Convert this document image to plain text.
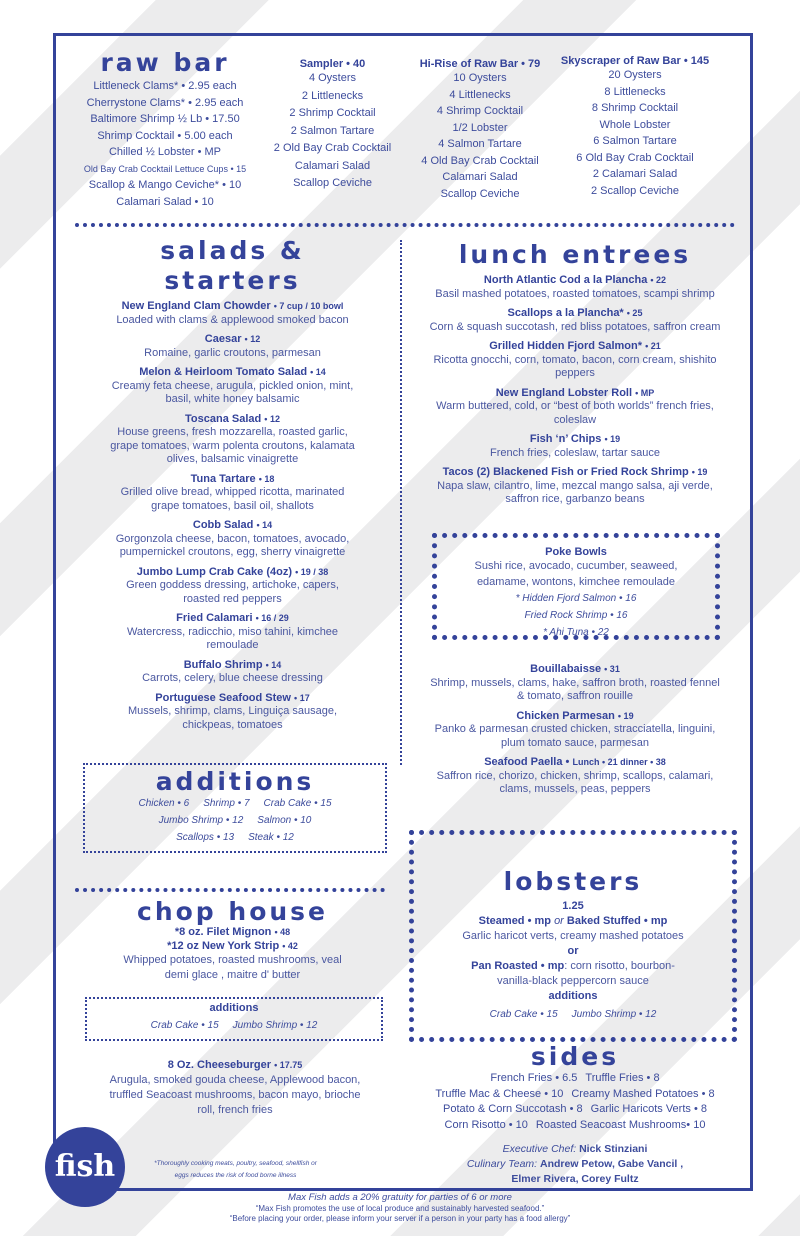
raw bar
Littleneck Clams* • 2.95 each
Cherrystone Clams* • 2.95 each
Baltimore Shrimp ½ Lb • 17.50
Shrimp Cocktail • 5.00 each
Chilled ½ Lobster • MP
Old Bay Crab Cocktail Lettuce Cups • 15
Scallop & Mango Ceviche* • 10
Calamari Salad • 10
Sampler • 40
4 Oysters
2 Littlenecks
2 Shrimp Cocktail
2 Salmon Tartare
2 Old Bay Crab Cocktail
Calamari Salad
Scallop Ceviche
Hi-Rise of Raw Bar • 79
10 Oysters
4 Littlenecks
4 Shrimp Cocktail
1/2 Lobster
4 Salmon Tartare
4 Old Bay Crab Cocktail
Calamari Salad
Scallop Ceviche
Skyscraper of Raw Bar • 145
20 Oysters
8 Littlenecks
8 Shrimp Cocktail
Whole Lobster
6 Salmon Tartare
6 Old Bay Crab Cocktail
2 Calamari Salad
2 Scallop Ceviche
salads & starters
New England Clam Chowder • 7 cup / 10 bowl
Loaded with clams & applewood smoked bacon
Caesar • 12
Romaine, garlic croutons, parmesan
Melon & Heirloom Tomato Salad • 14
Creamy feta cheese, arugula, pickled onion, mint, basil, white honey balsamic
Toscana Salad • 12
House greens, fresh mozzarella, roasted garlic, grape tomatoes, warm polenta croutons, kalamata olives, balsamic vinaigrette
Tuna Tartare • 18
Grilled olive bread, whipped ricotta, marinated grape tomatoes, basil oil, shallots
Cobb Salad • 14
Gorgonzola cheese, bacon, tomatoes, avocado, pumpernickel croutons, egg, sherry vinaigrette
Jumbo Lump Crab Cake (4oz) • 19 / 38
Green goddess dressing, artichoke, capers, roasted red peppers
Fried Calamari • 16 / 29
Watercress, radicchio, miso tahini, kimchee remoulade
Buffalo Shrimp • 14
Carrots, celery, blue cheese dressing
Portuguese Seafood Stew • 17
Mussels, shrimp, clams, Linguiça sausage, chickpeas, tomatoes
additions
Chicken • 6 Shrimp • 7 Crab Cake • 15
Jumbo Shrimp • 12 Salmon • 10
Scallops • 13 Steak • 12
chop house
*8 oz. Filet Mignon • 48
*12 oz New York Strip • 42
Whipped potatoes, roasted mushrooms, veal demi glace , maitre d' butter
additions
Crab Cake • 15 Jumbo Shrimp • 12
8 Oz. Cheeseburger • 17.75
Arugula, smoked gouda cheese, Applewood bacon, truffled Seacoast mushrooms, bacon mayo, brioche roll, french fries
lunch entrees
North Atlantic Cod a la Plancha • 22
Basil mashed potatoes, roasted tomatoes, scampi shrimp
Scallops a la Plancha* • 25
Corn & squash succotash, red bliss potatoes, saffron cream
Grilled Hidden Fjord Salmon* • 21
Ricotta gnocchi, corn, tomato, bacon, corn cream, shishito peppers
New England Lobster Roll • MP
Warm buttered, cold, or “best of both worlds” french fries, coleslaw
Fish ‘n’ Chips • 19
French fries, coleslaw, tartar sauce
Tacos (2) Blackened Fish or Fried Rock Shrimp • 19
Napa slaw, cilantro, lime, mezcal mango salsa, aji verde, saffron rice, garbanzo beans
Poke Bowls
Sushi rice, avocado, cucumber, seaweed, edamame, wontons, kimchee remoulade
* Hidden Fjord Salmon • 16
Fried Rock Shrimp • 16
* Ahi Tuna • 22
Bouillabaisse • 31
Shrimp, mussels, clams, hake, saffron broth, roasted fennel & tomato, saffron rouille
Chicken Parmesan • 19
Panko & parmesan crusted chicken, stracciatella, linguini, plum tomato sauce, parmesan
Seafood Paella • Lunch • 21 dinner • 38
Saffron rice, chorizo, chicken, shrimp, scallops, calamari, clams, mussels, peas, peppers
lobsters
1.25
Steamed • mp or Baked Stuffed • mp
Garlic haricot verts, creamy mashed potatoes
or
Pan Roasted • mp: corn risotto, bourbon-vanilla-black peppercorn sauce
additions
Crab Cake • 15 Jumbo Shrimp • 12
sides
French Fries • 6.5 Truffle Fries • 8
Truffle Mac & Cheese • 10 Creamy Mashed Potatoes • 8
Potato & Corn Succotash • 8 Garlic Haricots Verts • 8
Corn Risotto • 10 Roasted Seacoast Mushrooms• 10
Executive Chef: Nick Stinziani
Culinary Team: Andrew Petow, Gabe Vancil ,
Elmer Rivera, Corey Fultz
fish	*Thoroughly cooking meats, poultry, seafood, shellfish or eggs reduces the risk of food borne illness
Max Fish adds a 20% gratuity for parties of 6 or more
“Max Fish promotes the use of local produce and sustainably harvested seafood.”
“Before placing your order, please inform your server if a person in your party has a food allergy”
